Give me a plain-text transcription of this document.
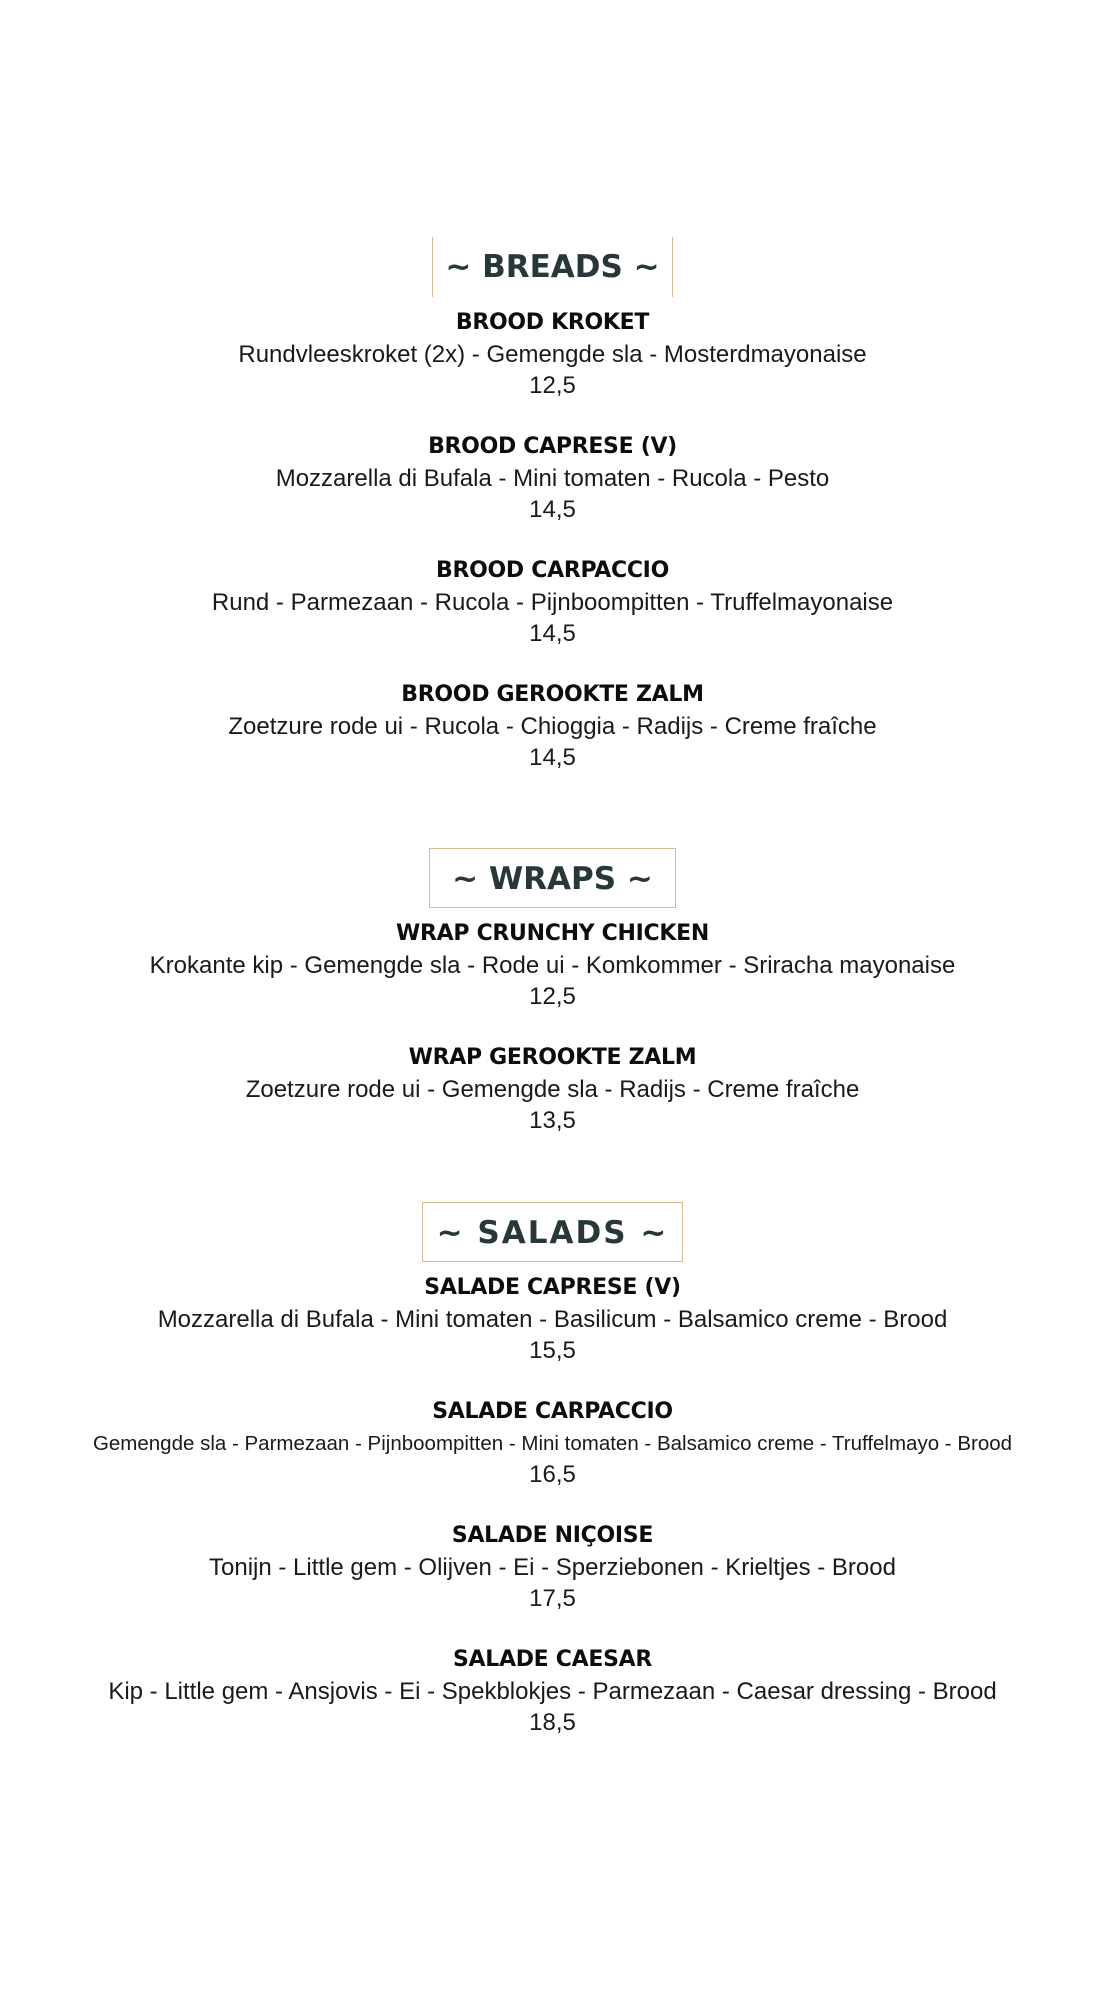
~ BREADS ~
BROOD KROKET
Rundvleeskroket (2x) - Gemengde sla - Mosterdmayonaise
12,5
BROOD CAPRESE (V)
Mozzarella di Bufala - Mini tomaten - Rucola - Pesto
14,5
BROOD CARPACCIO
Rund - Parmezaan - Rucola - Pijnboompitten - Truffelmayonaise
14,5
BROOD GEROOKTE ZALM
Zoetzure rode ui - Rucola - Chioggia - Radijs - Creme fraîche
14,5
~ WRAPS ~
WRAP CRUNCHY CHICKEN
Krokante kip - Gemengde sla - Rode ui - Komkommer - Sriracha mayonaise
12,5
WRAP GEROOKTE ZALM
Zoetzure rode ui - Gemengde sla - Radijs - Creme fraîche
13,5
~ SALADS ~
SALADE CAPRESE (V)
Mozzarella di Bufala - Mini tomaten - Basilicum - Balsamico creme - Brood
15,5
SALADE CARPACCIO
Gemengde sla - Parmezaan - Pijnboompitten - Mini tomaten - Balsamico creme - Truffelmayo - Brood
16,5
SALADE NIÇOISE
Tonijn - Little gem - Olijven - Ei - Sperziebonen - Krieltjes - Brood
17,5
SALADE CAESAR
Kip - Little gem - Ansjovis - Ei - Spekblokjes - Parmezaan - Caesar dressing - Brood
18,5
